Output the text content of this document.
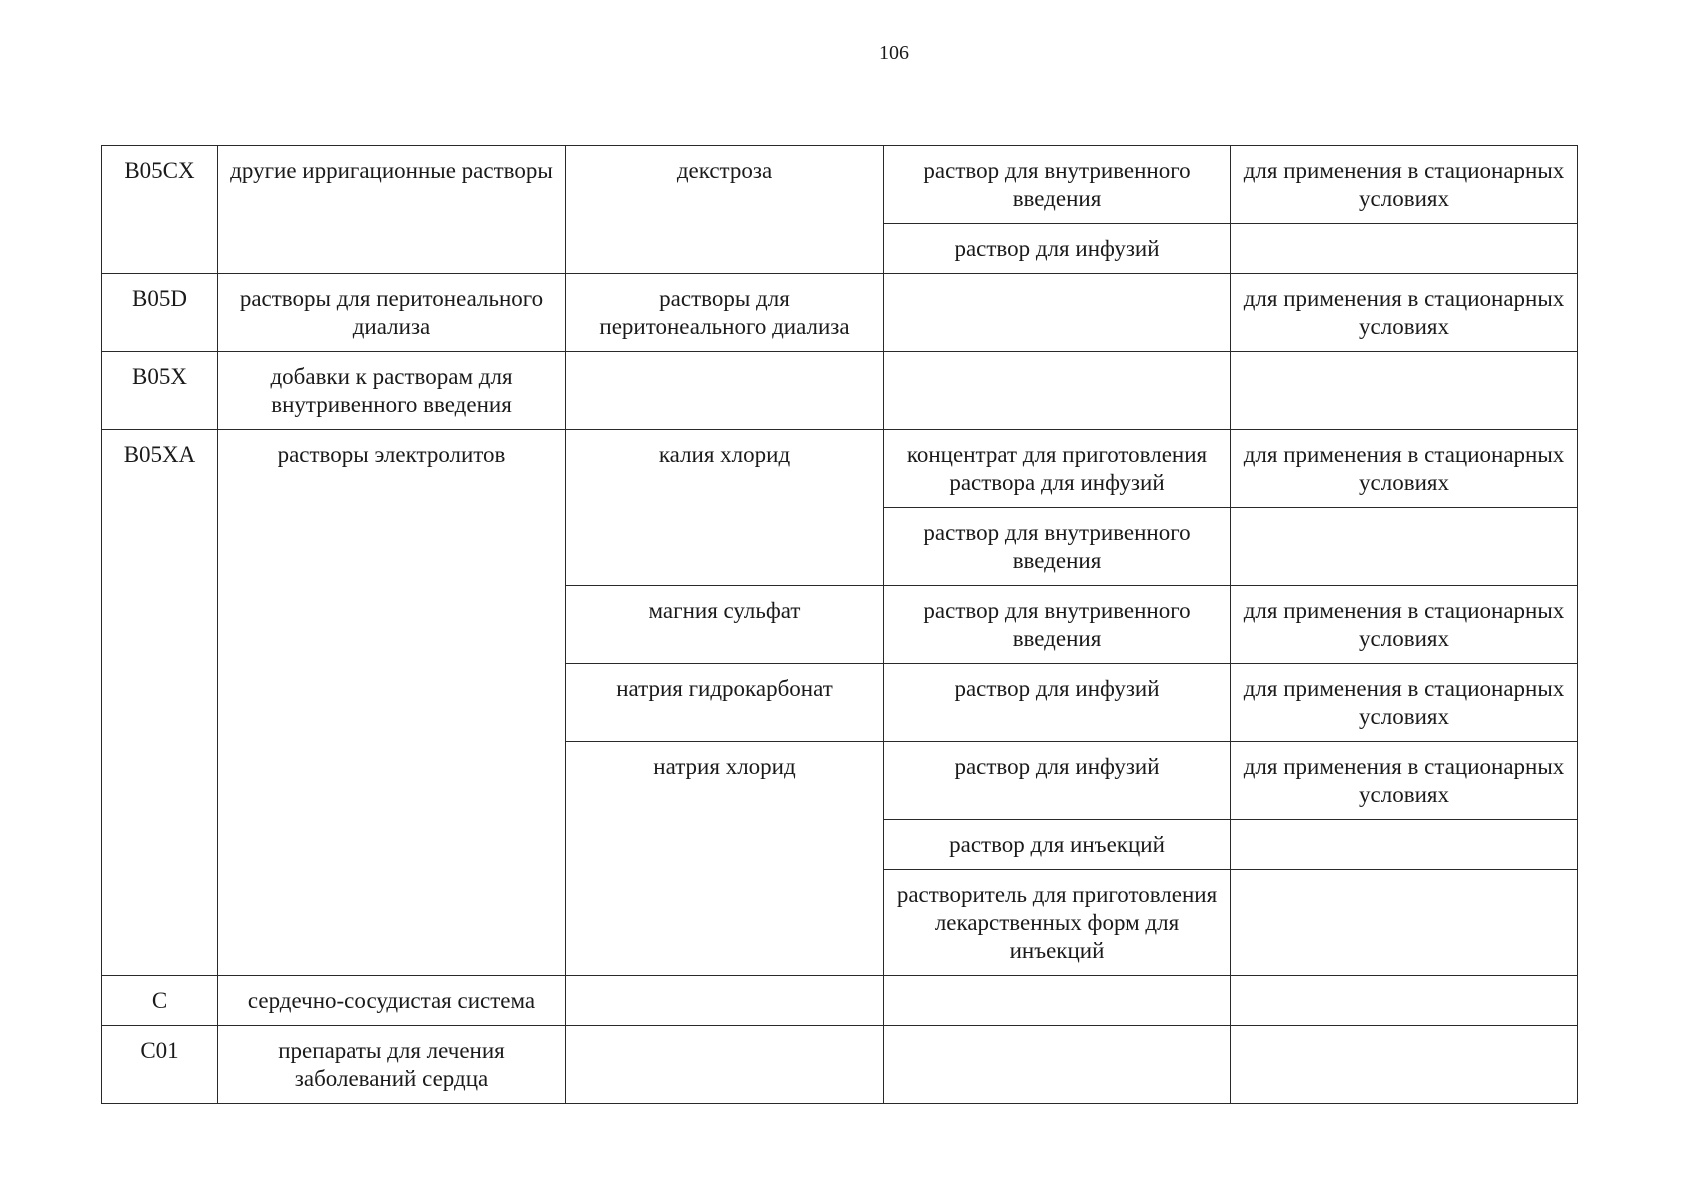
106
B05CX	другие ирригационные растворы	декстроза	раствор для внутривенного введения	для применения в стационарных условиях
			раствор для инфузий	
B05D	растворы для перитонеального диализа	растворы для перитонеального диализа		для применения в стационарных условиях
B05X	добавки к растворам для внутривенного введения			
B05XA	растворы электролитов	калия хлорид	концентрат для приготовления раствора для инфузий	для применения в стационарных условиях
			раствор для внутривенного введения	
		магния сульфат	раствор для внутривенного введения	для применения в стационарных условиях
		натрия гидрокарбонат	раствор для инфузий	для применения в стационарных условиях
		натрия хлорид	раствор для инфузий	для применения в стационарных условиях
			раствор для инъекций	
			растворитель для приготовления лекарственных форм для инъекций	

C	сердечно-сосудистая система			
C01	препараты для лечения заболеваний сердца			
